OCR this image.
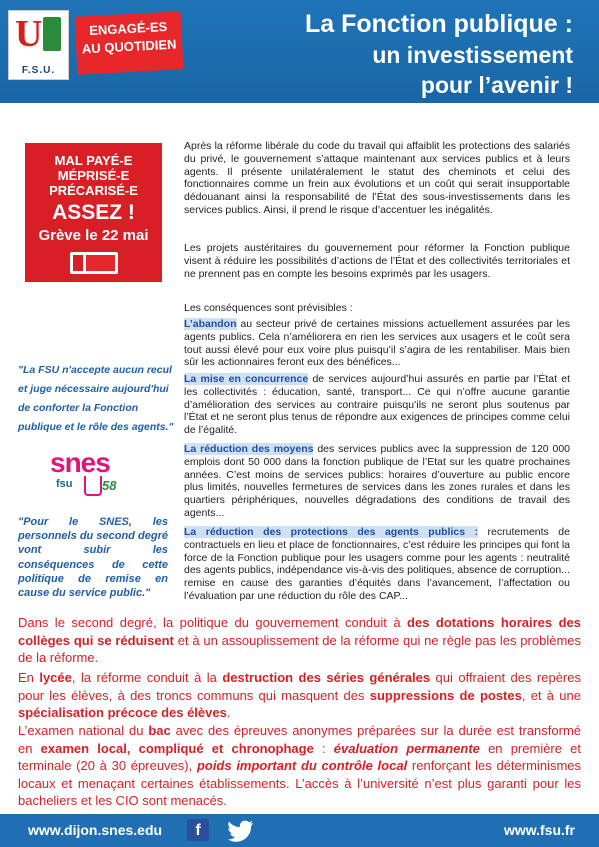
U
F.S.U.
ENGAGÉ-ES
AU QUOTIDIEN
La Fonction publique :
un investissement
pour l’avenir !
MAL PAYÉ-E
MÉPRISÉ-E
PRÉCARISÉ-E
ASSEZ !
Grève le 22 mai
"La FSU n'accepte aucun recul et juge nécessaire aujourd'hui de conforter la Fonction publique et le rôle des agents."
snes
fsu 58
"Pour le SNES, les personnels du second degré vont subir les conséquences de cette politique de remise en cause du service public."

Après la réforme libérale du code du travail qui affaiblit les protections des salariés du privé, le gouvernement s’attaque maintenant aux services publics et à leurs agents. Il présente unilatéralement le statut des cheminots et celui des fonctionnaires comme un frein aux évolutions et un coût qui serait insupportable dédouanant ainsi la responsabilité de l’État des sous-investissements dans les services publics. Ainsi, il prend le risque d’accentuer les inégalités.

Les projets austéritaires du gouvernement pour réformer la Fonction publique visent à réduire les possibilités d’actions de l’État et des collectivités territoriales et ne prennent pas en compte les besoins exprimés par les usagers.

Les conséquences sont prévisibles :

L’abandon au secteur privé de certaines missions actuellement assurées par les agents publics. Cela n’améliorera en rien les services aux usagers et le coût sera tout aussi élevé pour eux voire plus puisqu’il s’agira de les rentabiliser. Mais bien sûr les actionnaires feront eux des bénéfices...

La mise en concurrence de services aujourd’hui assurés en partie par l’État et les collectivités : éducation, santé, transport... Ce qui n’offre aucune garantie d’amélioration des services au contraire puisqu’ils ne seront plus soutenus par l’État et ne seront plus tenus de répondre aux exigences de principes comme celui de l’égalité.

La réduction des moyens des services publics avec la suppression de 120 000 emplois dont 50 000 dans la fonction publique de l’Etat sur les quatre prochaines années. C’est moins de services publics: horaires d’ouverture au public encore plus limités, nouvelles fermetures de services dans les zones rurales et dans les quartiers périphériques, nouvelles dégradations des conditions de travail des agents...

La réduction des protections des agents publics : recrutements de contractuels en lieu et place de fonctionnaires, c’est réduire les principes qui font la force de la Fonction publique pour les usagers comme pour les agents : neutralité des agents publics, indépendance vis-à-vis des politiques, absence de corruption... remise en cause des garanties d’équités dans l’avancement, l’affectation ou l’évaluation par une réduction du rôle des CAP...

Dans le second degré, la politique du gouvernement conduit à des dotations horaires des collèges qui se réduisent et à un assouplissement de la réforme qui ne règle pas les problèmes de la réforme.

En lycée, la réforme conduit à la destruction des séries générales qui offraient des repères pour les élèves, à des troncs communs qui masquent des suppressions de postes, et à une spécialisation précoce des élèves.

L’examen national du bac avec des épreuves anonymes préparées sur la durée est transformé en examen local, compliqué et chronophage : évaluation permanente en première et terminale (20 à 30 épreuves), poids important du contrôle local renforçant les déterminismes locaux et menaçant certaines établissements. L’accès à l’université n’est plus garanti pour les bacheliers et les CIO sont menacés.

www.dijon.snes.edu	f	www.fsu.fr
